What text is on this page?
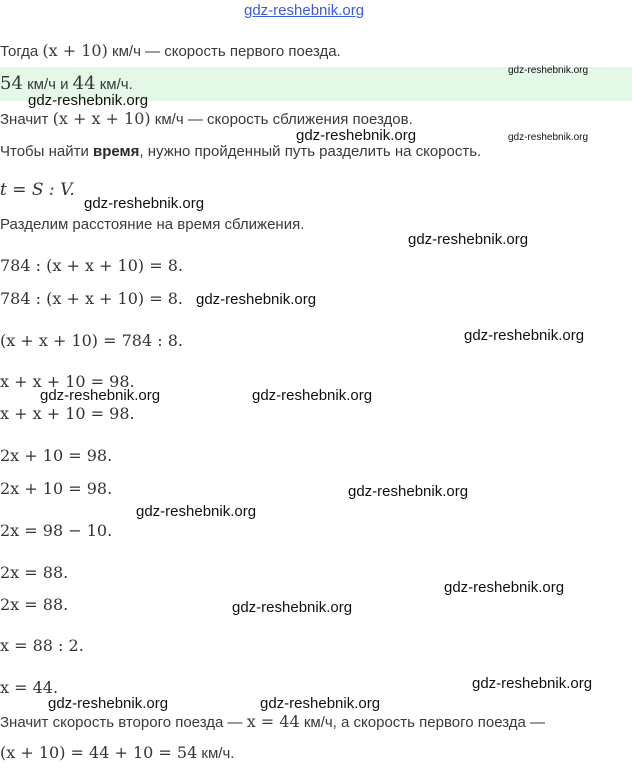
gdz-reshebnik.org
Тогда (x + 10) км/ч — скорость первого поезда.
54 км/ч и 44 км/ч.
Значит (x + x + 10) км/ч — скорость сближения поездов.
Чтобы найти время, нужно пройденный путь разделить на скорость.
t = S : V.
Разделим расстояние на время сближения.
784 : (x + x + 10) = 8.
784 : (x + x + 10) = 8.
(x + x + 10) = 784 : 8.
x + x + 10 = 98.
x + x + 10 = 98.
2x + 10 = 98.
2x + 10 = 98.
2x = 98 − 10.
2x = 88.
2x = 88.
x = 88 : 2.
x = 44.
Значит скорость второго поезда — x = 44 км/ч, а скорость первого поезда —
(x + 10) = 44 + 10 = 54 км/ч.
gdz-reshebnik.org
gdz-reshebnik.org
gdz-reshebnik.org	gdz-reshebnik.org
gdz-reshebnik.org
gdz-reshebnik.org
gdz-reshebnik.org
gdz-reshebnik.org
gdz-reshebnik.org	gdz-reshebnik.org
gdz-reshebnik.org
gdz-reshebnik.org
gdz-reshebnik.org
gdz-reshebnik.org
gdz-reshebnik.org
gdz-reshebnik.org	gdz-reshebnik.org
